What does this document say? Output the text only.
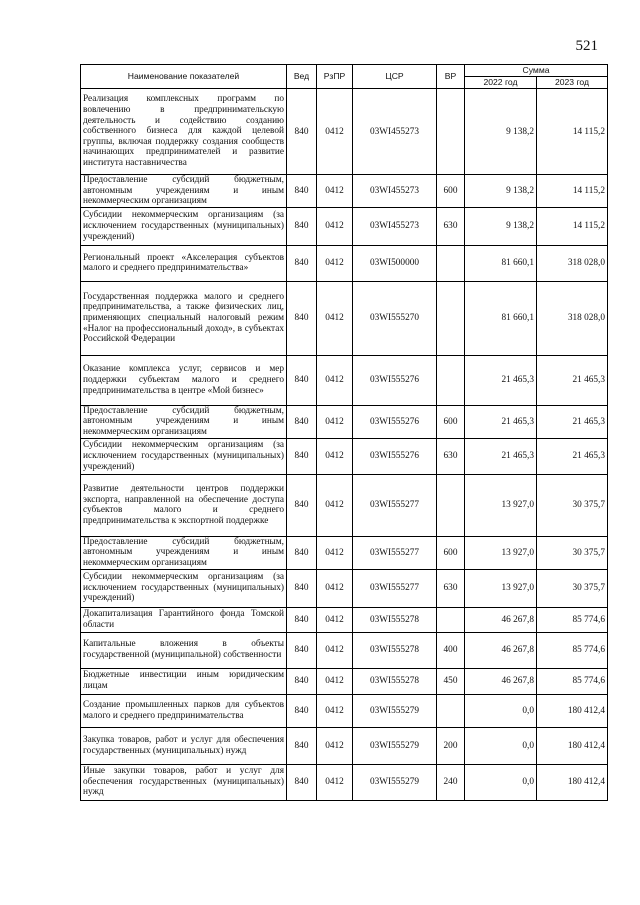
521
Наименование показателей	Вед	РзПР	ЦСР	ВР	Сумма	
					2022 год	2023 год
Реализация комплексных программ по вовлечению в предпринимательскую деятельность и содействию созданию собственного бизнеса для каждой целевой группы, включая поддержку создания сообществ начинающих предпринимателей и развитие института наставничества	840	0412	03WI455273		9 138,2	14 115,2
Предоставление субсидий бюджетным, автономным учреждениям и иным некоммерческим организациям	840	0412	03WI455273	600	9 138,2	14 115,2
Субсидии некоммерческим организациям (за исключением государственных (муниципальных) учреждений)	840	0412	03WI455273	630	9 138,2	14 115,2
Региональный проект «Акселерация субъектов малого и среднего предпринимательства»	840	0412	03WI500000		81 660,1	318 028,0
Государственная поддержка малого и среднего предпринимательства, а также физических лиц, применяющих специальный налоговый режим «Налог на профессиональный доход», в субъектах Российской Федерации	840	0412	03WI555270		81 660,1	318 028,0
Оказание комплекса услуг, сервисов и мер поддержки субъектам малого и среднего предпринимательства в центре «Мой бизнес»	840	0412	03WI555276		21 465,3	21 465,3
Предоставление субсидий бюджетным, автономным учреждениям и иным некоммерческим организациям	840	0412	03WI555276	600	21 465,3	21 465,3
Субсидии некоммерческим организациям (за исключением государственных (муниципальных) учреждений)	840	0412	03WI555276	630	21 465,3	21 465,3
Развитие деятельности центров поддержки экспорта, направленной на обеспечение доступа субъектов малого и среднего предпринимательства к экспортной поддержке	840	0412	03WI555277		13 927,0	30 375,7
Предоставление субсидий бюджетным, автономным учреждениям и иным некоммерческим организациям	840	0412	03WI555277	600	13 927,0	30 375,7
Субсидии некоммерческим организациям (за исключением государственных (муниципальных) учреждений)	840	0412	03WI555277	630	13 927,0	30 375,7
Докапитализация Гарантийного фонда Томской области	840	0412	03WI555278		46 267,8	85 774,6
Капитальные вложения в объекты государственной (муниципальной) собственности	840	0412	03WI555278	400	46 267,8	85 774,6
Бюджетные инвестиции иным юридическим лицам	840	0412	03WI555278	450	46 267,8	85 774,6
Создание промышленных парков для субъектов малого и среднего предпринимательства	840	0412	03WI555279		0,0	180 412,4
Закупка товаров, работ и услуг для обеспечения государственных (муниципальных) нужд	840	0412	03WI555279	200	0,0	180 412,4
Иные закупки товаров, работ и услуг для обеспечения государственных (муниципальных) нужд	840	0412	03WI555279	240	0,0	180 412,4
